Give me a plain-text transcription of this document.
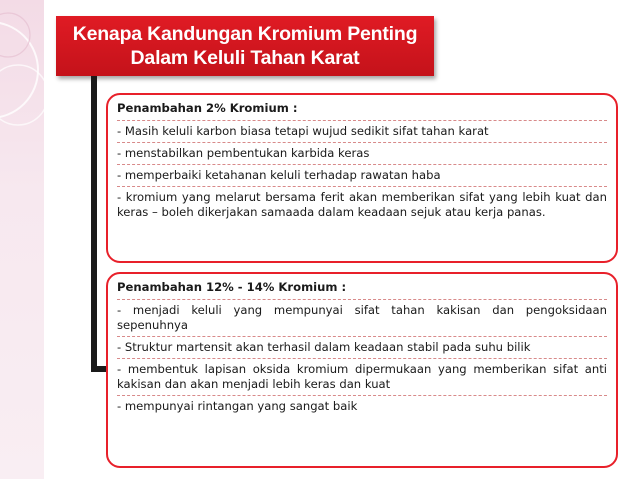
Kenapa Kandungan Kromium Penting
Dalam Keluli Tahan Karat
Penambahan 2% Kromium :
- Masih keluli karbon biasa tetapi wujud sedikit sifat tahan karat
- menstabilkan pembentukan karbida keras
- memperbaiki ketahanan keluli terhadap rawatan haba
- kromium yang melarut bersama ferit akan memberikan sifat yang lebih kuat dan keras – boleh dikerjakan samaada dalam keadaan sejuk atau kerja panas.
Penambahan 12% - 14% Kromium :
- menjadi keluli yang mempunyai sifat tahan kakisan dan pengoksidaan sepenuhnya
- Struktur martensit akan terhasil dalam keadaan stabil pada suhu bilik
- membentuk lapisan oksida kromium dipermukaan yang memberikan sifat anti kakisan dan akan menjadi lebih keras dan kuat
- mempunyai rintangan yang sangat baik
